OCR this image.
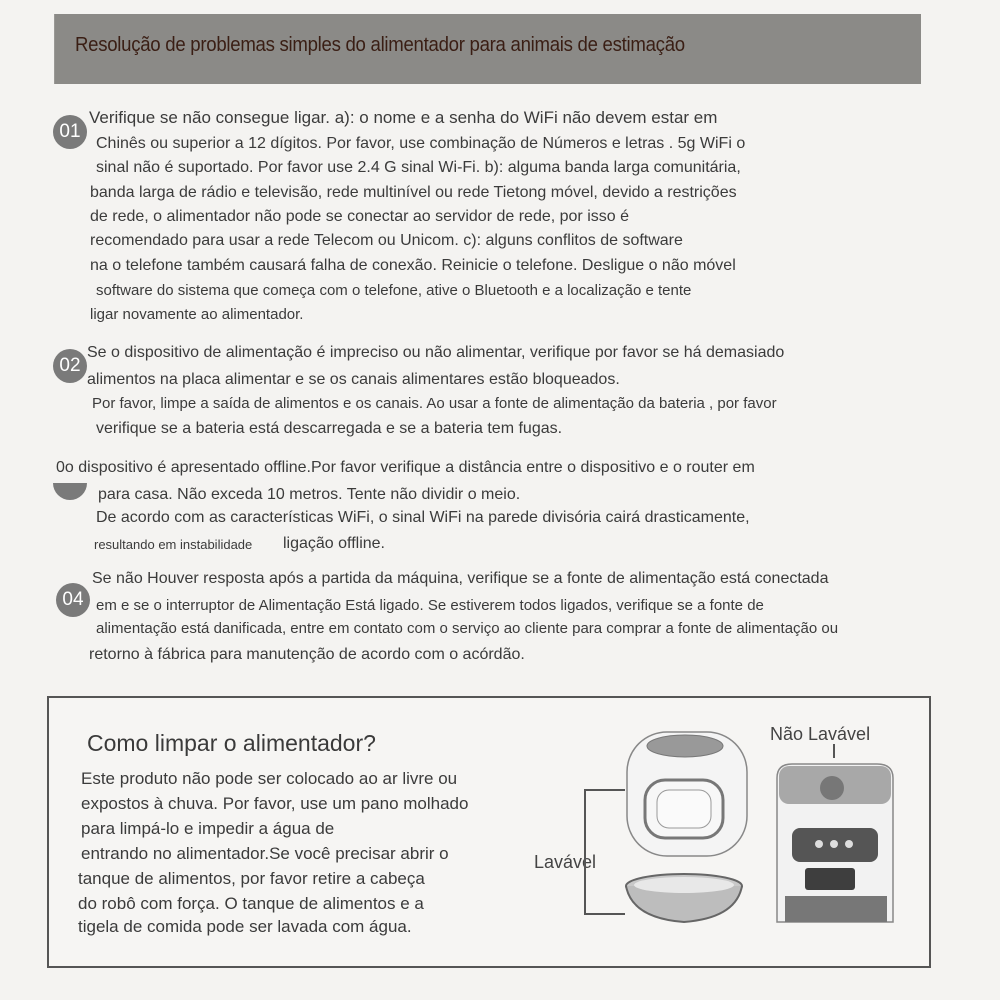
Resolução de problemas simples do alimentador para animais de estimação
01
Verifique se não consegue ligar. a): o nome e a senha do WiFi não devem estar em
Chinês ou superior a 12 dígitos. Por favor, use combinação de Números e letras . 5g WiFi o
sinal não é suportado. Por favor use 2.4 G sinal Wi-Fi. b): alguma banda larga comunitária,
banda larga de rádio e televisão, rede multinível ou rede Tietong móvel, devido a restrições
de rede, o alimentador não pode se conectar ao servidor de rede, por isso é
recomendado para usar a rede Telecom ou Unicom. c): alguns conflitos de software
na o telefone também causará falha de conexão. Reinicie o telefone. Desligue o não móvel
software do sistema que começa com o telefone, ative o Bluetooth e a localização e tente
ligar novamente ao alimentador.
02
Se o dispositivo de alimentação é impreciso ou não alimentar, verifique por favor se há demasiado
alimentos na placa alimentar e se os canais alimentares estão bloqueados.
Por favor, limpe a saída de alimentos e os canais. Ao usar a fonte de alimentação da bateria , por favor
verifique se a bateria está descarregada e se a bateria tem fugas.
0o dispositivo é apresentado offline.Por favor verifique a distância entre o dispositivo e o router em
para casa. Não exceda 10 metros. Tente não dividir o meio.
De acordo com as características WiFi, o sinal WiFi na parede divisória cairá drasticamente,
resultando em instabilidade ligação offline.
04
Se não Houver resposta após a partida da máquina, verifique se a fonte de alimentação está conectada
em e se o interruptor de Alimentação Está ligado. Se estiverem todos ligados, verifique se a fonte de
alimentação está danificada, entre em contato com o serviço ao cliente para comprar a fonte de alimentação ou
retorno à fábrica para manutenção de acordo com o acórdão.
Como limpar o alimentador?
Este produto não pode ser colocado ao ar livre ou
expostos à chuva. Por favor, use um pano molhado
para limpá-lo e impedir a água de
entrando no alimentador.Se você precisar abrir o
tanque de alimentos, por favor retire a cabeça
do robô com força. O tanque de alimentos e a
tigela de comida pode ser lavada com água.
Lavável
Não Lavável
